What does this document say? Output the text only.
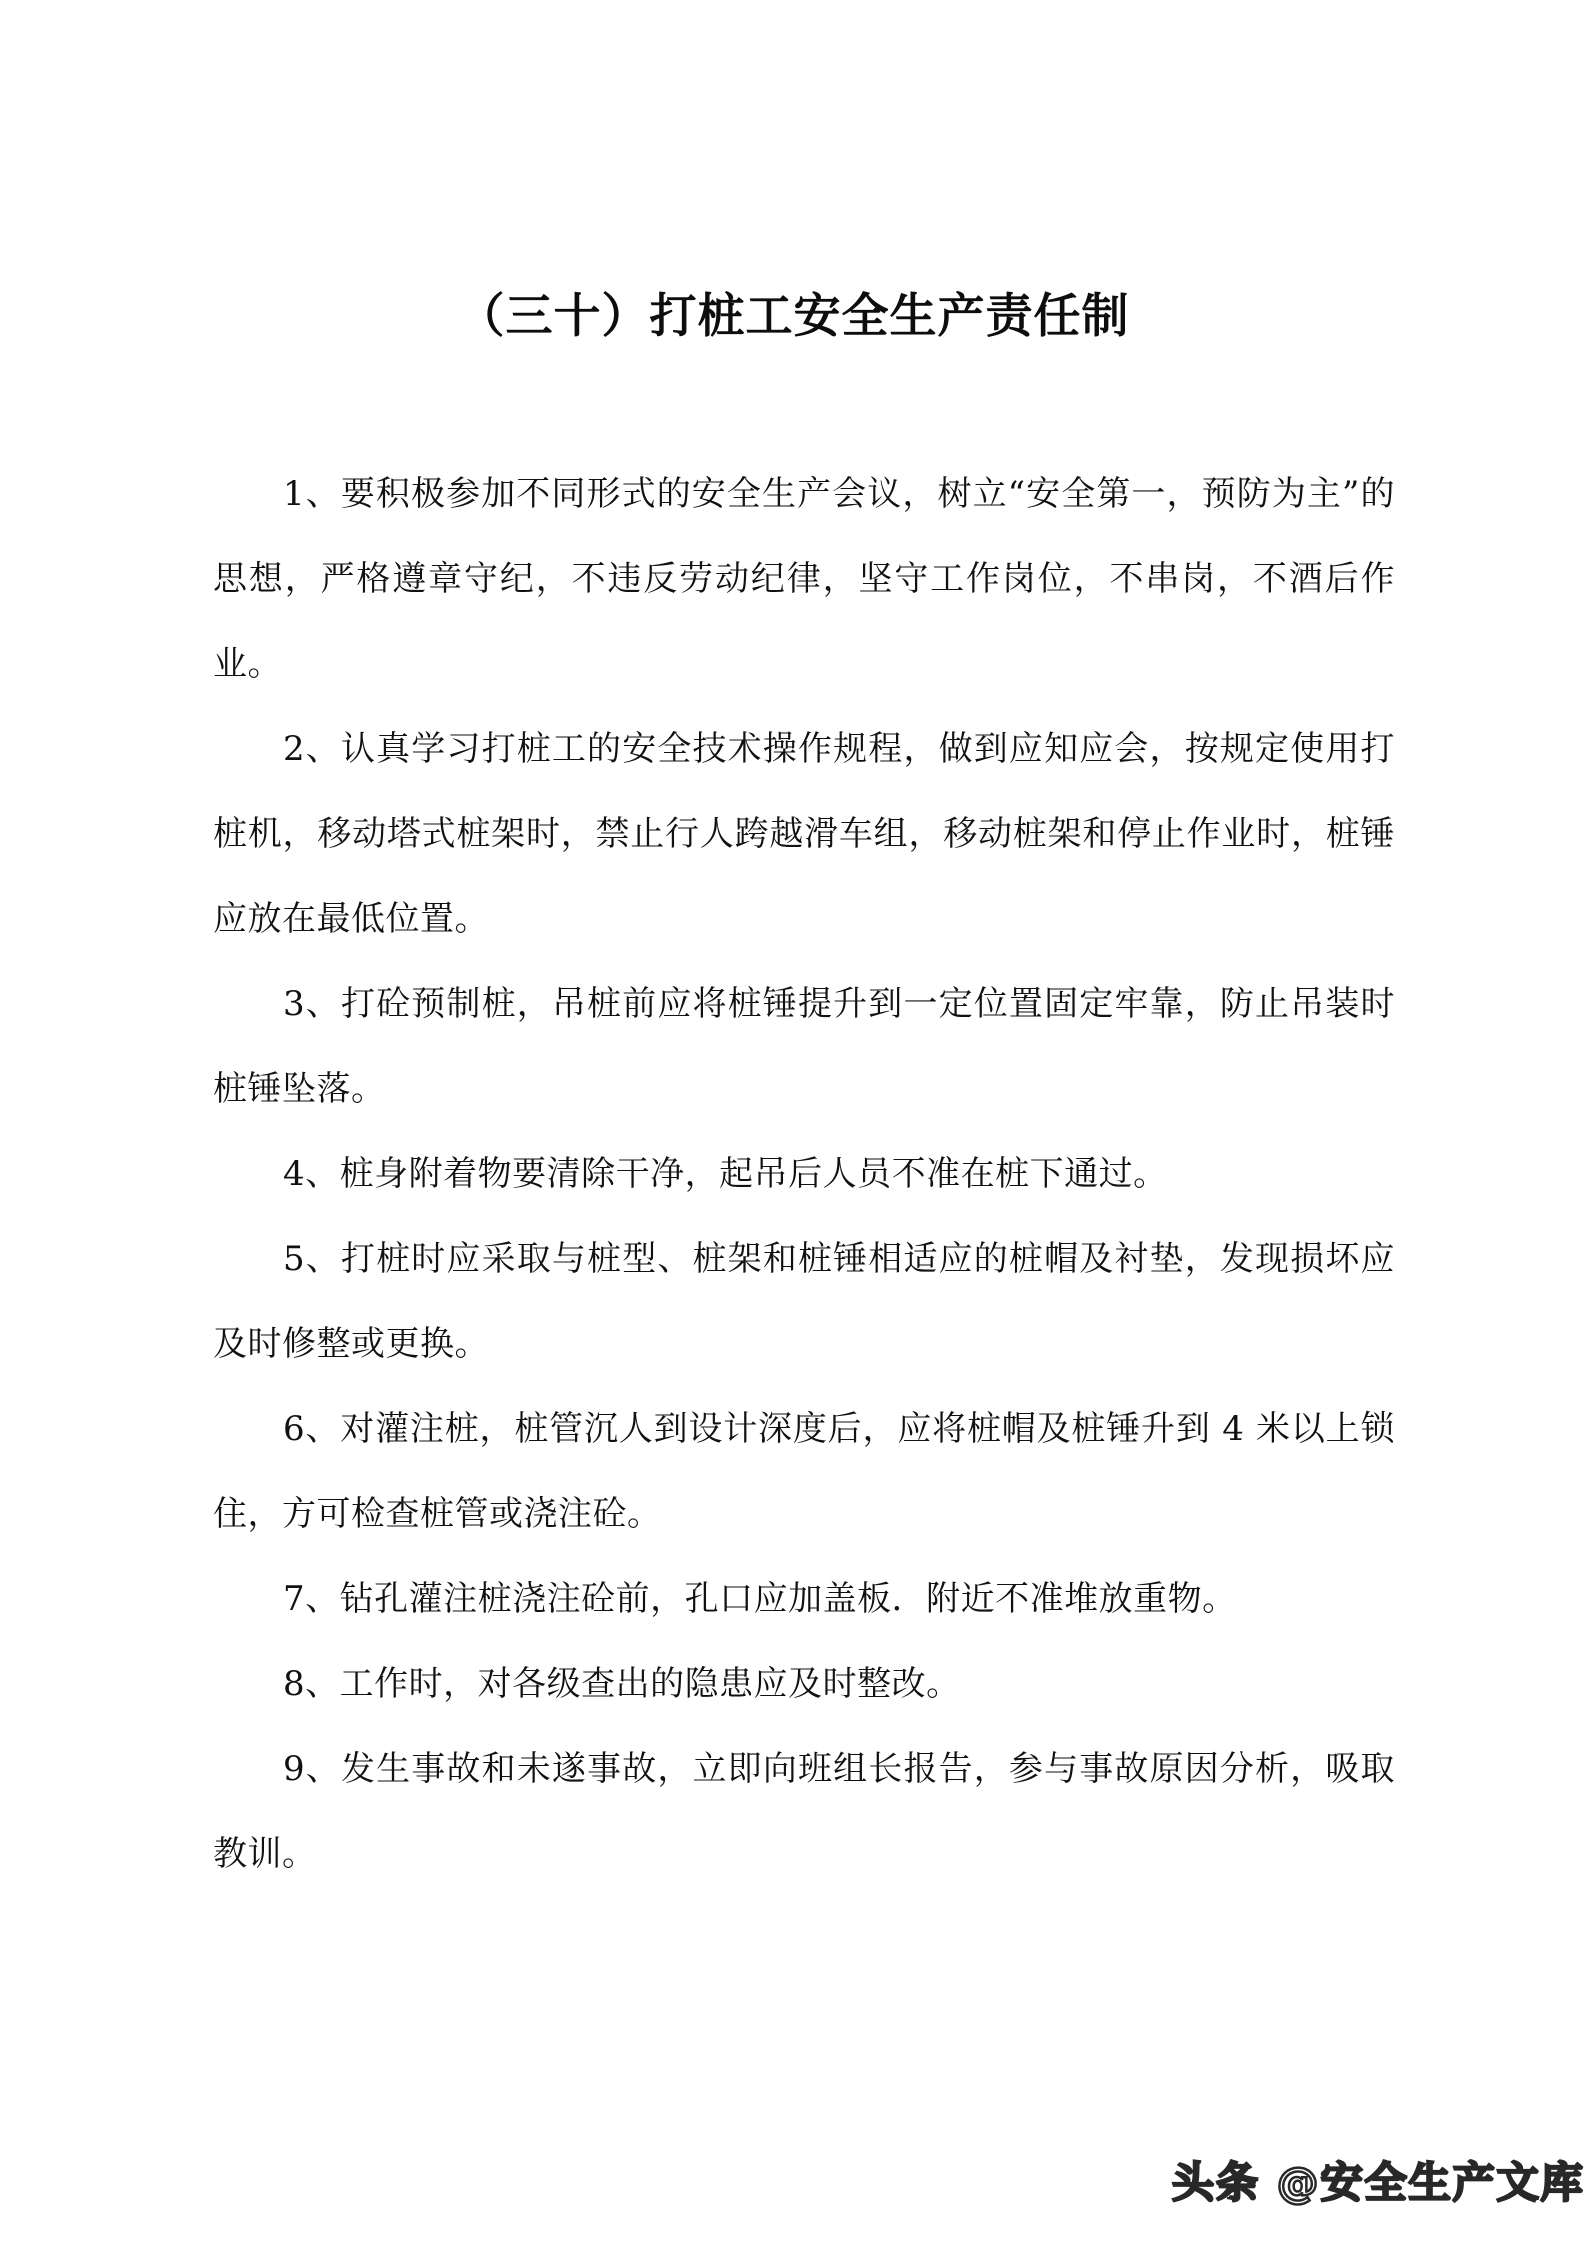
（三十）打桩工安全生产责任制

1、要积极参加不同形式的安全生产会议，树立“安全第一，预防为主”的思想，严格遵章守纪，不违反劳动纪律，坚守工作岗位，不串岗，不酒后作业。

2、认真学习打桩工的安全技术操作规程，做到应知应会，按规定使用打桩机，移动塔式桩架时，禁止行人跨越滑车组，移动桩架和停止作业时，桩锤应放在最低位置。

3、打砼预制桩，吊桩前应将桩锤提升到一定位置固定牢靠，防止吊装时桩锤坠落。

4、桩身附着物要清除干净，起吊后人员不准在桩下通过。

5、打桩时应采取与桩型、桩架和桩锤相适应的桩帽及衬垫，发现损坏应及时修整或更换。

6、对灌注桩，桩管沉人到设计深度后，应将桩帽及桩锤升到 4 米以上锁住，方可检查桩管或浇注砼。

7、钻孔灌注桩浇注砼前，孔口应加盖板．附近不准堆放重物。

8、工作时，对各级查出的隐患应及时整改。

9、发生事故和未遂事故，立即向班组长报告，参与事故原因分析，吸取教训。

头条 @安全生产文库
